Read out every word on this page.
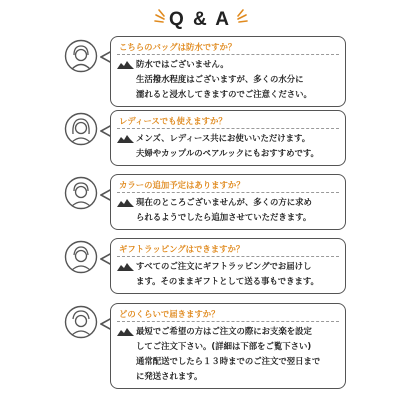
Q & A
こちらのバッグは防水ですか？
防水ではございません。
生活撥水程度はございますが、多くの水分に
濡れると浸水してきますのでご注意ください。
レディースでも使えますか？
メンズ、レディース共にお使いいただけます。
夫婦やカップルのペアルックにもおすすめです。
カラーの追加予定はありますか？
現在のところございませんが、多くの方に求め
られるようでしたら追加させていただきます。
ギフトラッピングはできますか？
すべてのご注文にギフトラッピングでお届けし
ます。そのままギフトとして送る事もできます。
どのくらいで届きますか？
最短でご希望の方はご注文の際にお支楽を設定
してご注文下さい。(詳細は下部をご覧下さい)
通常配送でしたら１３時までのご注文で翌日まで
に発送されます。
